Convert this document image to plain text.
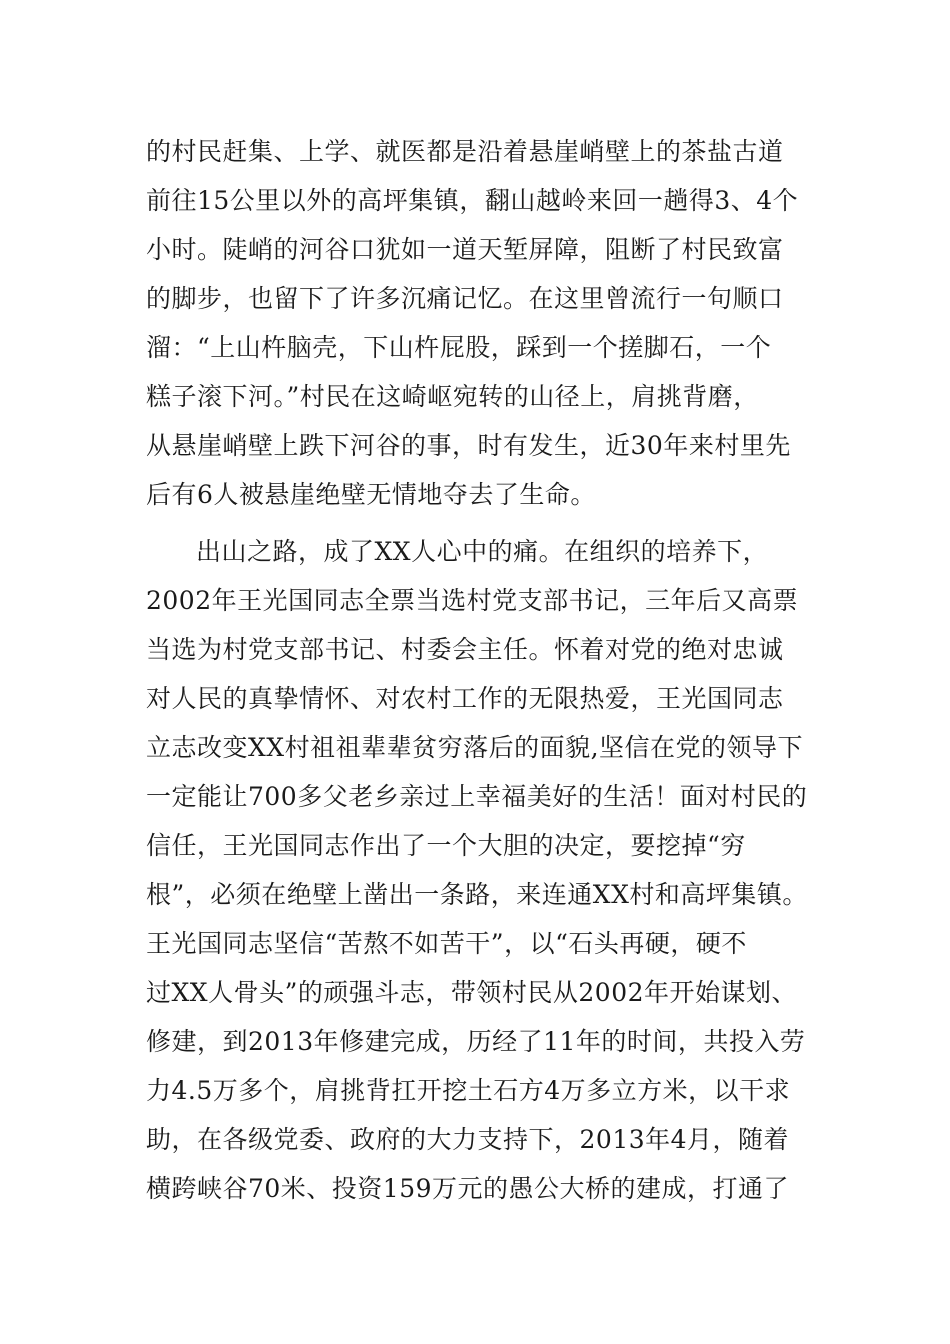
的村民赶集、上学、就医都是沿着悬崖峭壁上的茶盐古道
前往15公里以外的高坪集镇，翻山越岭来回一趟得3、4个
小时。陡峭的河谷口犹如一道天堑屏障，阻断了村民致富
的脚步，也留下了许多沉痛记忆。在这里曾流行一句顺口
溜：“上山杵脑壳，下山杵屁股，踩到一个搓脚石，一个
糕子滚下河。”村民在这崎岖宛转的山径上，肩挑背磨，
从悬崖峭壁上跌下河谷的事，时有发生，近30年来村里先
后有6人被悬崖绝壁无情地夺去了生命。
出山之路，成了XX人心中的痛。在组织的培养下，
2002年王光国同志全票当选村党支部书记，三年后又高票
当选为村党支部书记、村委会主任。怀着对党的绝对忠诚
对人民的真挚情怀、对农村工作的无限热爱，王光国同志
立志改变XX村祖祖辈辈贫穷落后的面貌,坚信在党的领导下
一定能让700多父老乡亲过上幸福美好的生活！面对村民的
信任，王光国同志作出了一个大胆的决定，要挖掉“穷
根”，必须在绝壁上凿出一条路，来连通XX村和高坪集镇。
王光国同志坚信“苦熬不如苦干”，以“石头再硬，硬不
过XX人骨头”的顽强斗志，带领村民从2002年开始谋划、
修建，到2013年修建完成，历经了11年的时间，共投入劳
力4.5万多个，肩挑背扛开挖土石方4万多立方米，以干求
助，在各级党委、政府的大力支持下，2013年4月，随着
横跨峡谷70米、投资159万元的愚公大桥的建成，打通了
